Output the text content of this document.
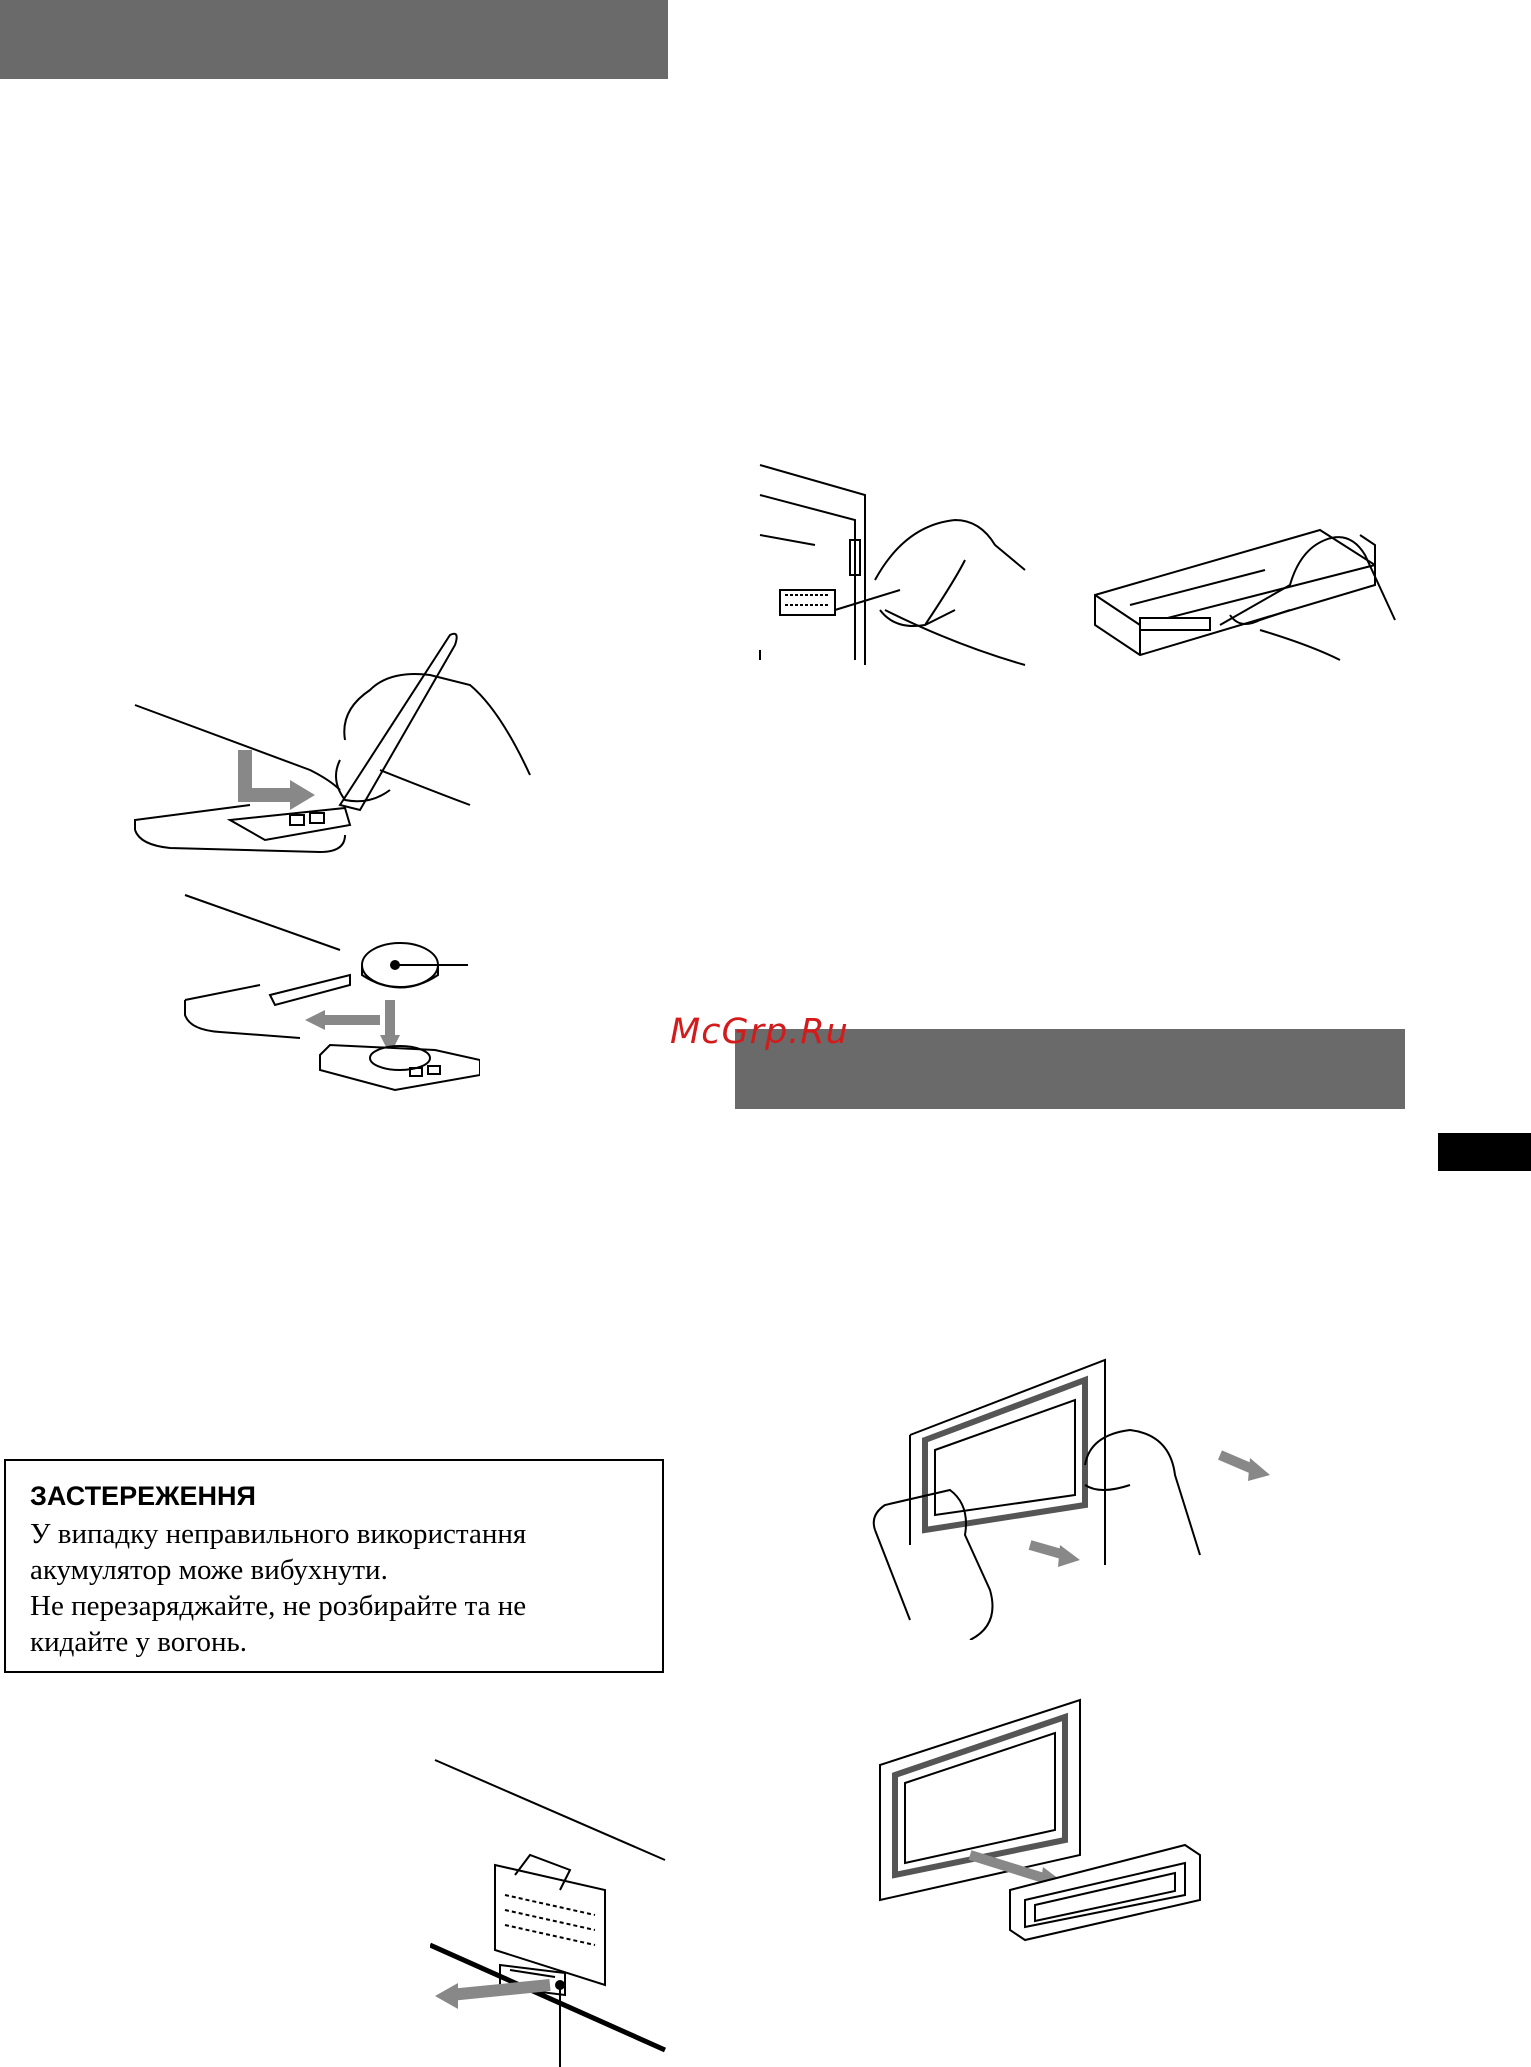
McGrp.Ru
ЗАСТЕРЕЖЕННЯ
У випадку неправильного використання
акумулятор може вибухнути.
Не перезаряджайте, не розбирайте та не
кидайте у вогонь.
